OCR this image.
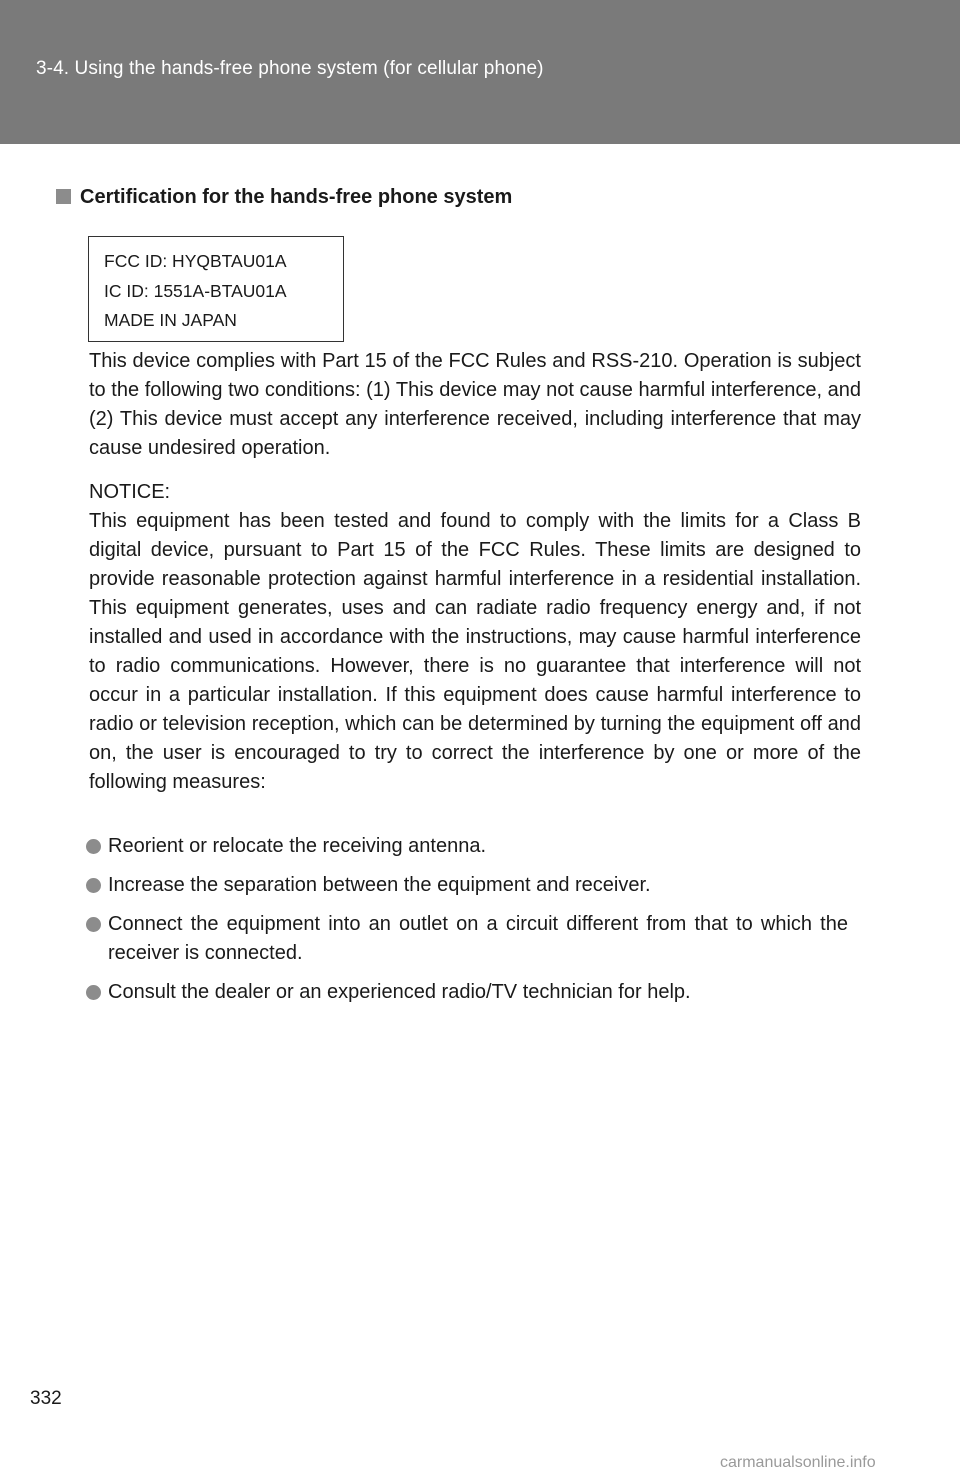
3-4. Using the hands-free phone system (for cellular phone)
Certification for the hands-free phone system
FCC ID: HYQBTAU01A
IC ID: 1551A-BTAU01A
MADE IN JAPAN
This device complies with Part 15 of the FCC Rules and RSS-210. Operation is subject to the following two conditions: (1) This device may not cause harmful interference, and (2) This device must accept any interference received, including interference that may cause undesired operation.
NOTICE:
This equipment has been tested and found to comply with the limits for a Class B digital device, pursuant to Part 15 of the FCC Rules. These limits are designed to provide reasonable protection against harmful interference in a residential installation. This equipment generates, uses and can radiate radio frequency energy and, if not installed and used in accordance with the instructions, may cause harmful interference to radio communications. However, there is no guarantee that interference will not occur in a particular installation. If this equipment does cause harmful interference to radio or television reception, which can be determined by turning the equipment off and on, the user is encouraged to try to correct the interference by one or more of the following measures:
Reorient or relocate the receiving antenna.
Increase the separation between the equipment and receiver.
Connect the equipment into an outlet on a circuit different from that to which the receiver is connected.
Consult the dealer or an experienced radio/TV technician for help.
332
carmanualsonline.info
